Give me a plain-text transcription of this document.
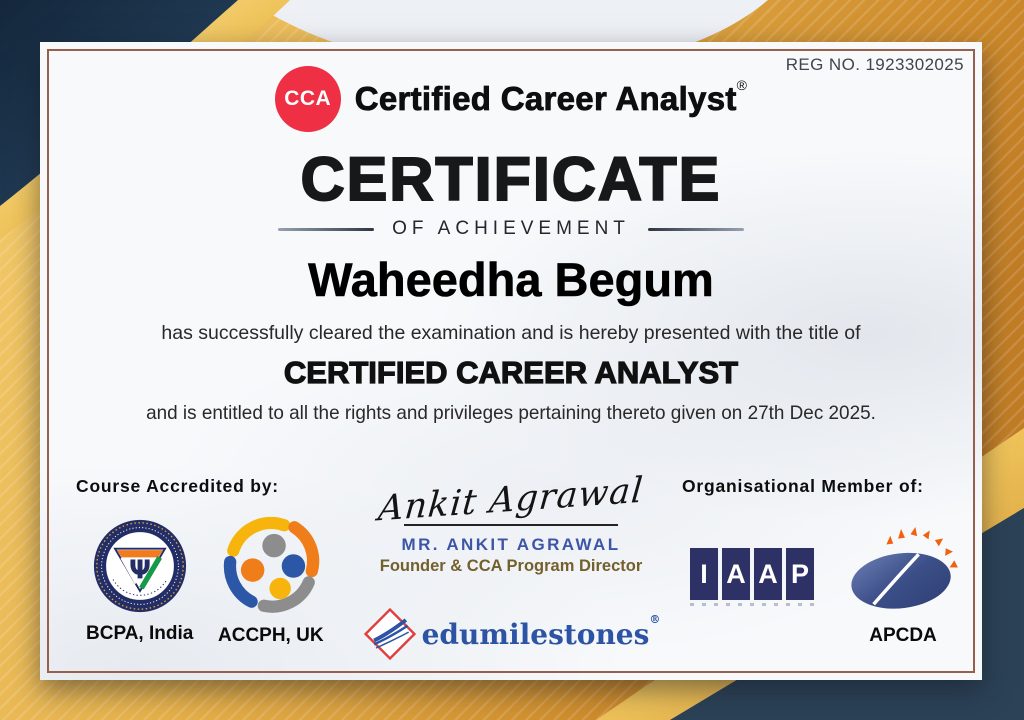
REG NO. 1923302025
CCA Certified Career Analyst®
CERTIFICATE
OF ACHIEVEMENT
Waheedha Begum
has successfully cleared the examination and is hereby presented with the title of
CERTIFIED CAREER ANALYST
and is entitled to all the rights and privileges pertaining thereto given on 27th Dec 2025.
Course Accredited by:	Organisational Member of:
Ψ
BCPA, India ACCPH, UK
Ankit Agrawal
MR. ANKIT AGRAWAL
Founder & CCA Program Director	I A A P
APCDA
edumilestones®
